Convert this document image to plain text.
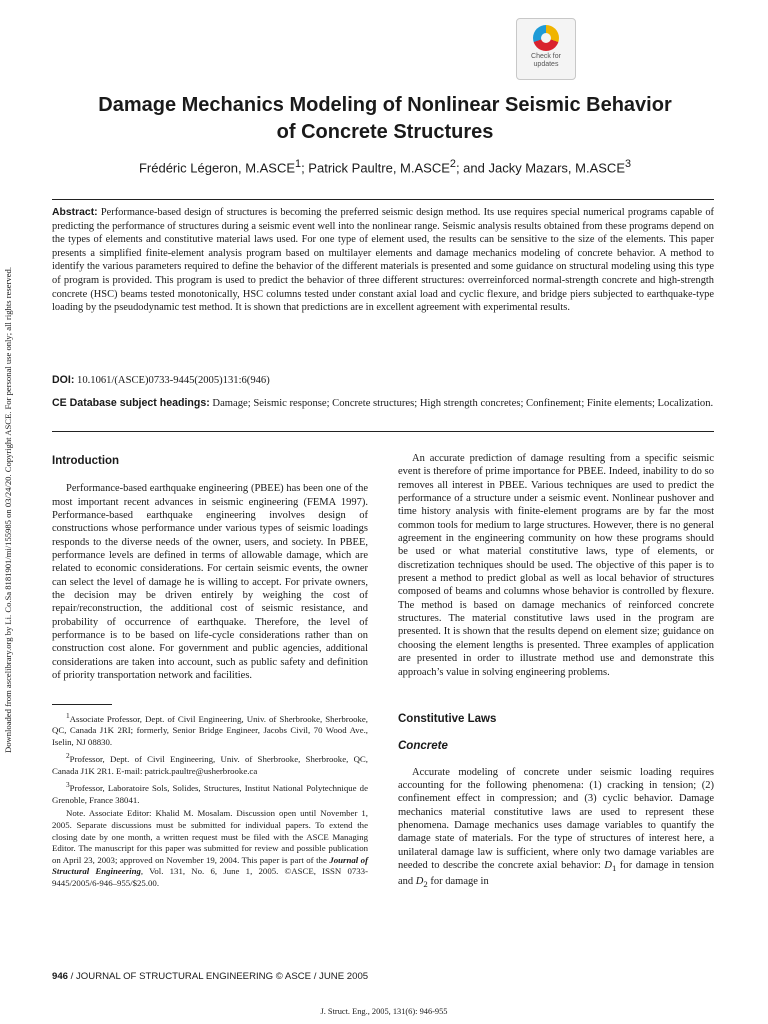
Downloaded from ascelibrary.org by Li. Co.Sa 8181901/mi/155985 on 03/24/20. Copyright ASCE. For personal use only; all rights reserved.
Check for
updates
Damage Mechanics Modeling of Nonlinear Seismic Behavior
of Concrete Structures
Frédéric Légeron, M.ASCE$^1$; Patrick Paultre, M.ASCE$^2$; and Jacky Mazars, M.ASCE$^3$
Abstract: Performance-based design of structures is becoming the preferred seismic design method. Its use requires special numerical programs capable of predicting the performance of structures during a seismic event well into the nonlinear range. Seismic analysis results obtained from these programs depend on the types of elements and constitutive material laws used. For one type of element used, the results can be sensitive to the size of the elements. This paper presents a simplified finite-element analysis program based on multilayer elements and damage mechanics modeling of concrete behavior. A method to identify the various parameters required to define the behavior of the different materials is presented and some guidance on structural modeling using this type of program is provided. This program is used to predict the behavior of three different structures: overreinforced normal-strength concrete and high-strength concrete (HSC) beams tested monotonically, HSC columns tested under constant axial load and cyclic flexure, and bridge piers subjected to earthquake-type loading by the pseudodynamic test method. It is shown that predictions are in excellent agreement with experimental results.
DOI: 10.1061/(ASCE)0733-9445(2005)131:6(946)
CE Database subject headings: Damage; Seismic response; Concrete structures; High strength concretes; Confinement; Finite elements; Localization.
Introduction

Performance-based earthquake engineering (PBEE) has been one of the most important recent advances in seismic engineering (FEMA 1997). Performance-based earthquake engineering involves design of constructions whose performance under various types of seismic loadings responds to the diverse needs of the owner, users, and society. In PBEE, performance levels are defined in terms of allowable damage, which are related to economic considerations. For certain seismic events, the owner can select the level of damage he is willing to accept. For private owners, the decision may be driven entirely by weighing the cost of repair/reconstruction, the additional cost of seismic resistance, and probability of occurrence of earthquake. Therefore, the level of performance is to be based on life-cycle considerations rather than on construction cost alone. For government and public agencies, additional considerations are taken into account, such as public safety and definition of priority transportation network and facilities.

$^1$Associate Professor, Dept. of Civil Engineering, Univ. of Sherbrooke, Sherbrooke, QC, Canada J1K 2RI; formerly, Senior Bridge Engineer, Jacobs Civil, 70 Wood Ave., Iselin, NJ 08830.

$^2$Professor, Dept. of Civil Engineering, Univ. of Sherbrooke, Sherbrooke, QC, Canada J1K 2R1. E-mail: patrick.paultre@usherbrooke.ca

$^3$Professor, Laboratoire Sols, Solides, Structures, Institut National Polytechnique de Grenoble, France 38041.

Note. Associate Editor: Khalid M. Mosalam. Discussion open until November 1, 2005. Separate discussions must be submitted for individual papers. To extend the closing date by one month, a written request must be filed with the ASCE Managing Editor. The manuscript for this paper was submitted for review and possible publication on April 23, 2003; approved on November 19, 2004. This paper is part of the Journal of Structural Engineering, Vol. 131, No. 6, June 1, 2005. ©ASCE, ISSN 0733-9445/2005/6-946–955/$25.00.

An accurate prediction of damage resulting from a specific seismic event is therefore of prime importance for PBEE. Indeed, inability to do so removes all interest in PBEE. Various techniques are used to predict the performance of a structure under a seismic event. Nonlinear pushover and time history analysis with finite-element programs are by far the most common tools for medium to large structures. However, there is no general agreement in the engineering community on how these programs should be used or what material constitutive laws, type of elements, or discretization techniques should be used. The objective of this paper is to present a method to predict global as well as local behavior of structures composed of beams and columns whose behavior is controlled by flexure. The method is based on damage mechanics of reinforced concrete structures. The material constitutive laws used in the program are presented. It is shown that the results depend on element size; guidance on choosing the element lengths is presented. Three examples of application are presented in order to illustrate method use and demonstrate this approach’s value in solving engineering problems.

Constitutive Laws
Concrete

Accurate modeling of concrete under seismic loading requires accounting for the following phenomena: (1) cracking in tension; (2) confinement effect in compression; and (3) cyclic behavior. Damage mechanics material constitutive laws are used to represent these phenomena. Damage mechanics uses damage variables to quantify the damage state of materials. For the type of structures of interest here, a unilateral damage law is sufficient, where only two damage variables are needed to describe the concrete axial behavior: $D_1$ for damage in tension and $D_2$ for damage in

946 / JOURNAL OF STRUCTURAL ENGINEERING © ASCE / JUNE 2005
J. Struct. Eng., 2005, 131(6): 946-955
